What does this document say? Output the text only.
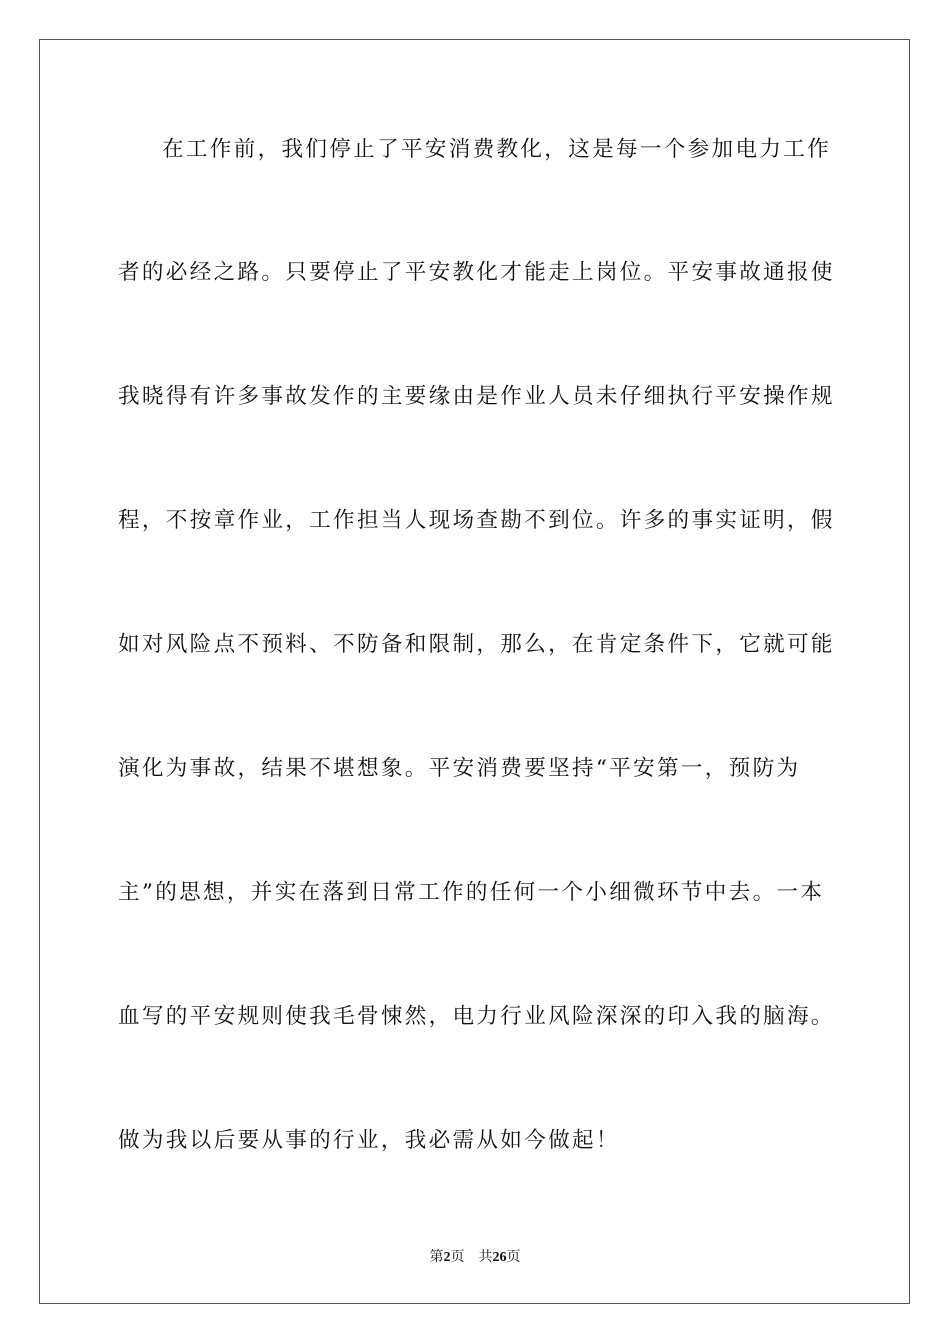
在工作前，我们停止了平安消费教化，这是每一个参加电力工作
者的必经之路。只要停止了平安教化才能走上岗位。平安事故通报使
我晓得有许多事故发作的主要缘由是作业人员未仔细执行平安操作规
程，不按章作业，工作担当人现场查勘不到位。许多的事实证明，假
如对风险点不预料、不防备和限制，那么，在肯定条件下，它就可能
演化为事故，结果不堪想象。平安消费要坚持“平安第一，预防为
主”的思想，并实在落到日常工作的任何一个小细微环节中去。一本
血写的平安规则使我毛骨悚然，电力行业风险深深的印入我的脑海。
做为我以后要从事的行业，我必需从如今做起！
第2页 共26页
